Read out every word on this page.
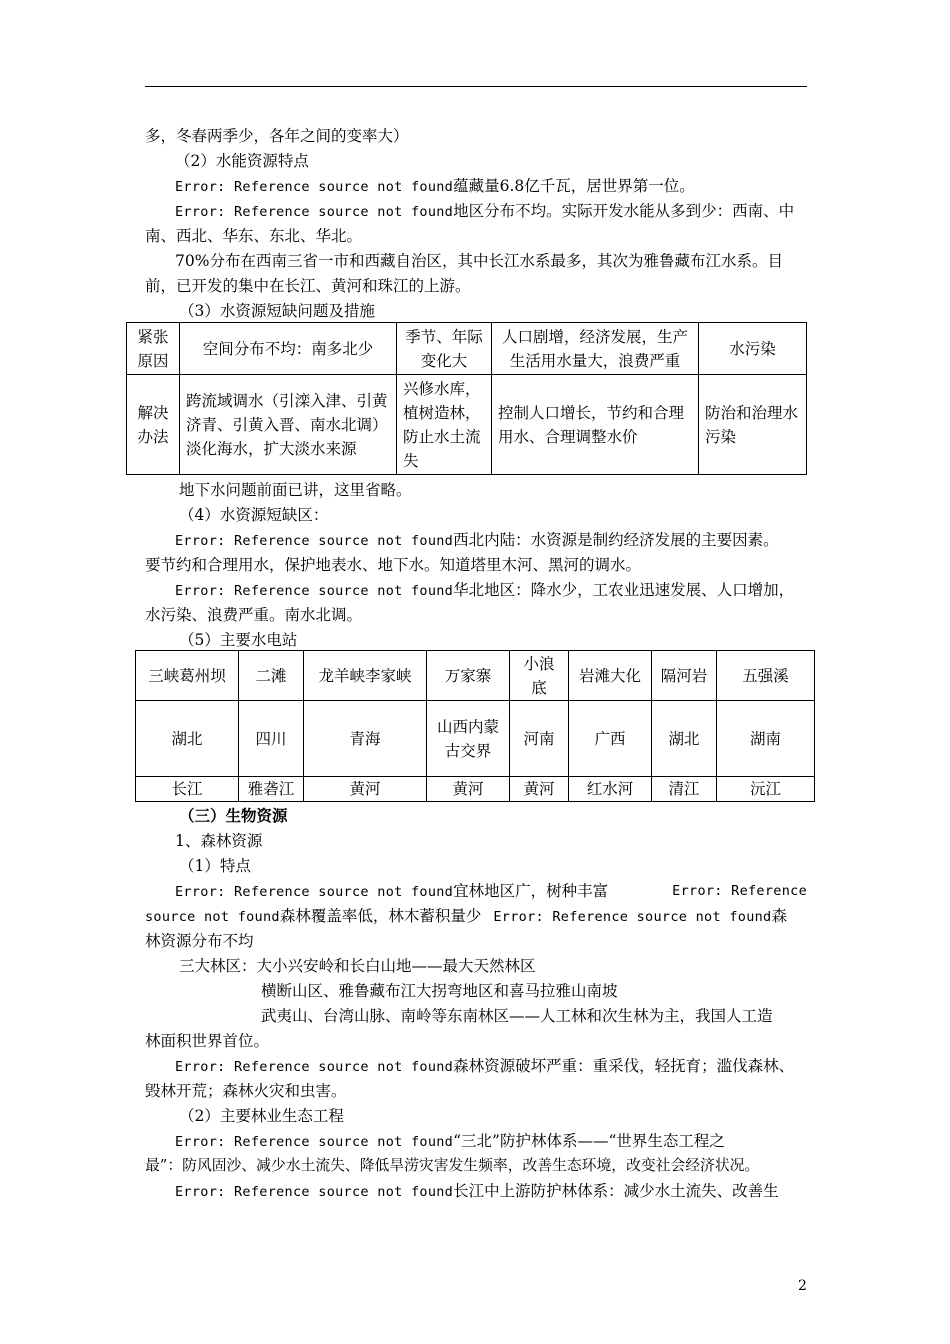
多，冬春两季少，各年之间的变率大）
（2）水能资源特点
Error: Reference source not found蕴藏量6.8亿千瓦，居世界第一位。
Error: Reference source not found地区分布不均。实际开发水能从多到少：西南、中
南、西北、华东、东北、华北。
70%分布在西南三省一市和西藏自治区，其中长江水系最多，其次为雅鲁藏布江水系。目
前，已开发的集中在长江、黄河和珠江的上游。
（3）水资源短缺问题及措施
地下水问题前面已讲，这里省略。
（4）水资源短缺区：
Error: Reference source not found西北内陆：水资源是制约经济发展的主要因素。
要节约和合理用水，保护地表水、地下水。知道塔里木河、黑河的调水。
Error: Reference source not found华北地区：降水少，工农业迅速发展、人口增加，
水污染、浪费严重。南水北调。
（5）主要水电站
（三）生物资源
1、森林资源
（1）特点
Error: Reference source not found宜林地区广，树种丰富	Error: Reference
source not found森林覆盖率低，林木蓄积量少 Error: Reference source not found森
林资源分布不均
三大林区：大小兴安岭和长白山地——最大天然林区
横断山区、雅鲁藏布江大拐弯地区和喜马拉雅山南坡
武夷山、台湾山脉、南岭等东南林区——人工林和次生林为主，我国人工造
林面积世界首位。
Error: Reference source not found森林资源破坏严重：重采伐，轻抚育；滥伐森林、
毁林开荒；森林火灾和虫害。
（2）主要林业生态工程
Error: Reference source not found“三北”防护林体系——“世界生态工程之
最”：防风固沙、减少水土流失、降低旱涝灾害发生频率，改善生态环境，改变社会经济状况。
Error: Reference source not found长江中上游防护林体系：减少水土流失、改善生
紧张原因	空间分布不均：南多北少	季节、年际变化大	人口剧增，经济发展，生产生活用水量大，浪费严重	水污染
解决办法	跨流域调水（引滦入津、引黄济青、引黄入晋、南水北调）淡化海水，扩大淡水来源	兴修水库，植树造林，防止水土流失	控制人口增长，节约和合理用水、合理调整水价	防治和治理水污染
三峡葛州坝	二滩	龙羊峡李家峡	万家寨	小浪底	岩滩大化	隔河岩	五强溪
湖北	四川	青海	山西内蒙古交界	河南	广西	湖北	湖南
长江	雅砻江	黄河	黄河	黄河	红水河	清江	沅江
2
